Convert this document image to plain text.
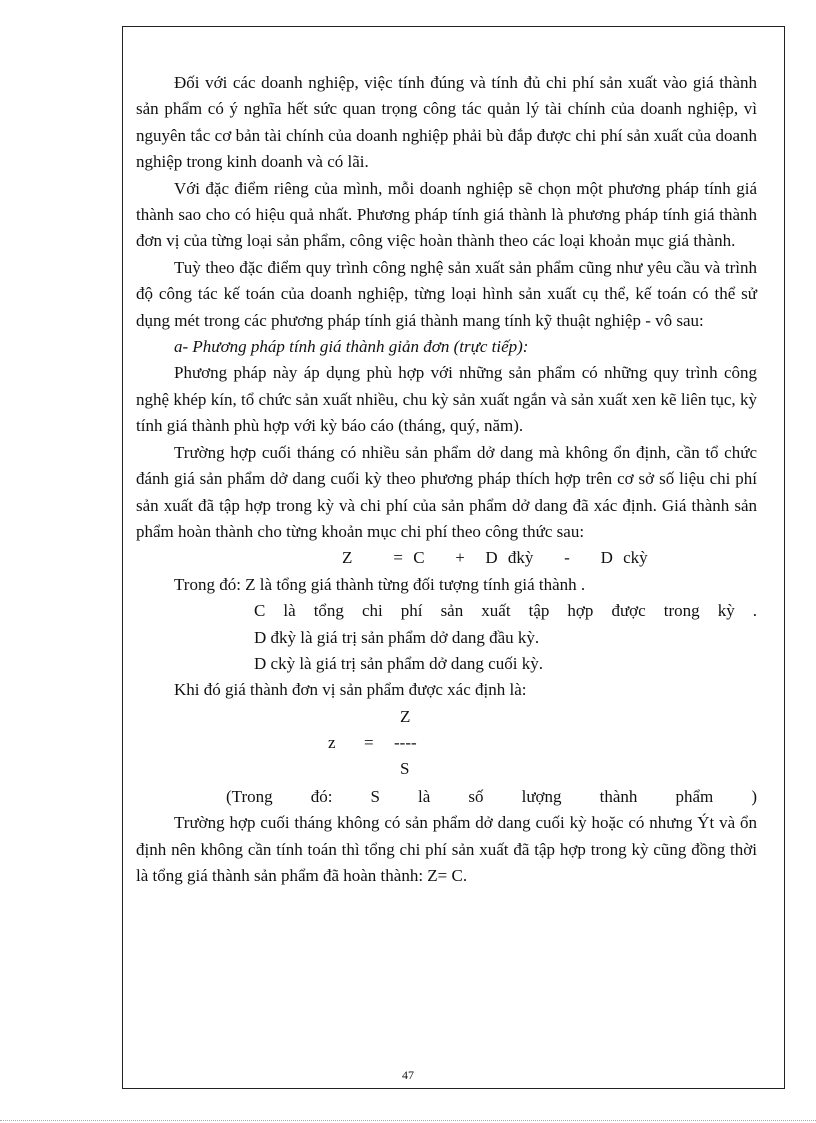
Đối với các doanh nghiệp, việc tính đúng và tính đủ chi phí sản xuất vào giá thành sản phẩm có ý nghĩa hết sức quan trọng công tác quản lý tài chính của doanh nghiệp, vì nguyên tắc cơ bản tài chính của doanh nghiệp phải bù đắp được chi phí sản xuất của doanh nghiệp trong kinh doanh và có lãi.

Với đặc điểm riêng của mình, mỗi doanh nghiệp sẽ chọn một phương pháp tính giá thành sao cho có hiệu quả nhất. Phương pháp tính giá thành là phương pháp tính giá thành đơn vị của từng loại sản phẩm, công việc hoàn thành theo các loại khoản mục giá thành.

Tuỳ theo đặc điểm quy trình công nghệ sản xuất sản phẩm cũng như yêu cầu và trình độ công tác kế toán của doanh nghiệp, từng loại hình sản xuất cụ thể, kế toán có thể sử dụng mét trong các phương pháp tính giá thành mang tính kỹ thuật nghiệp - vô sau:

a- Phương pháp tính giá thành giản đơn (trực tiếp):

Phương pháp này áp dụng phù hợp với những sản phẩm có những quy trình công nghệ khép kín, tổ chức sản xuất nhiều, chu kỳ sản xuất ngắn và sản xuất xen kẽ liên tục, kỳ tính giá thành phù hợp với kỳ báo cáo (tháng, quý, năm).

Trường hợp cuối tháng có nhiều sản phẩm dở dang mà không ổn định, cần tổ chức đánh giá sản phẩm dở dang cuối kỳ theo phương pháp thích hợp trên cơ sở số liệu chi phí sản xuất đã tập hợp trong kỳ và chi phí của sản phẩm dở dang đã xác định. Giá thành sản phẩm hoàn thành cho từng khoản mục chi phí theo công thức sau:

Z    = C   +  D đkỳ   -   D ckỳ

Trong đó: Z là tổng giá thành từng đối tượng tính giá thành .

C là tổng chi phí sản xuất tập hợp được trong kỳ .

D đkỳ là giá trị sản phẩm dở dang đầu kỳ.

D ckỳ là giá trị sản phẩm dở dang cuối kỳ.

Khi đó giá thành đơn vị sản phẩm được xác định là:

Z
z = ----
S

(Trong đó: S là số lượng thành phẩm )

Trường hợp cuối tháng không có sản phẩm dở dang cuối kỳ hoặc có nhưng Ýt và ổn định nên không cần tính toán thì tổng chi phí sản xuất đã tập hợp trong kỳ cũng đồng thời là tổng giá thành sản phẩm đã hoàn thành: Z= C.

47
